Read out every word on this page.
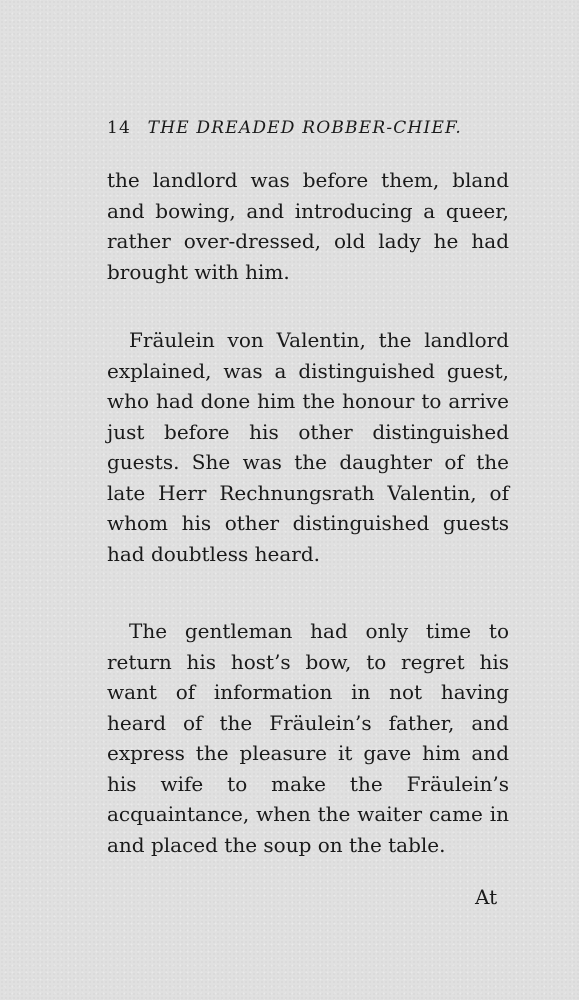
14 THE DREADED ROBBER-CHIEF.

the landlord was before them, bland and bowing, and introducing a queer, rather over-dressed, old lady he had brought with him.

Fräulein von Valentin, the landlord explained, was a distinguished guest, who had done him the honour to arrive just before his other distinguished guests. She was the daughter of the late Herr Rechnungsrath Valentin, of whom his other distinguished guests had doubtless heard.

The gentleman had only time to return his host’s bow, to regret his want of information in not having heard of the Fräulein’s father, and express the pleasure it gave him and his wife to make the Fräulein’s acquaintance, when the waiter came in and placed the soup on the table.

At
